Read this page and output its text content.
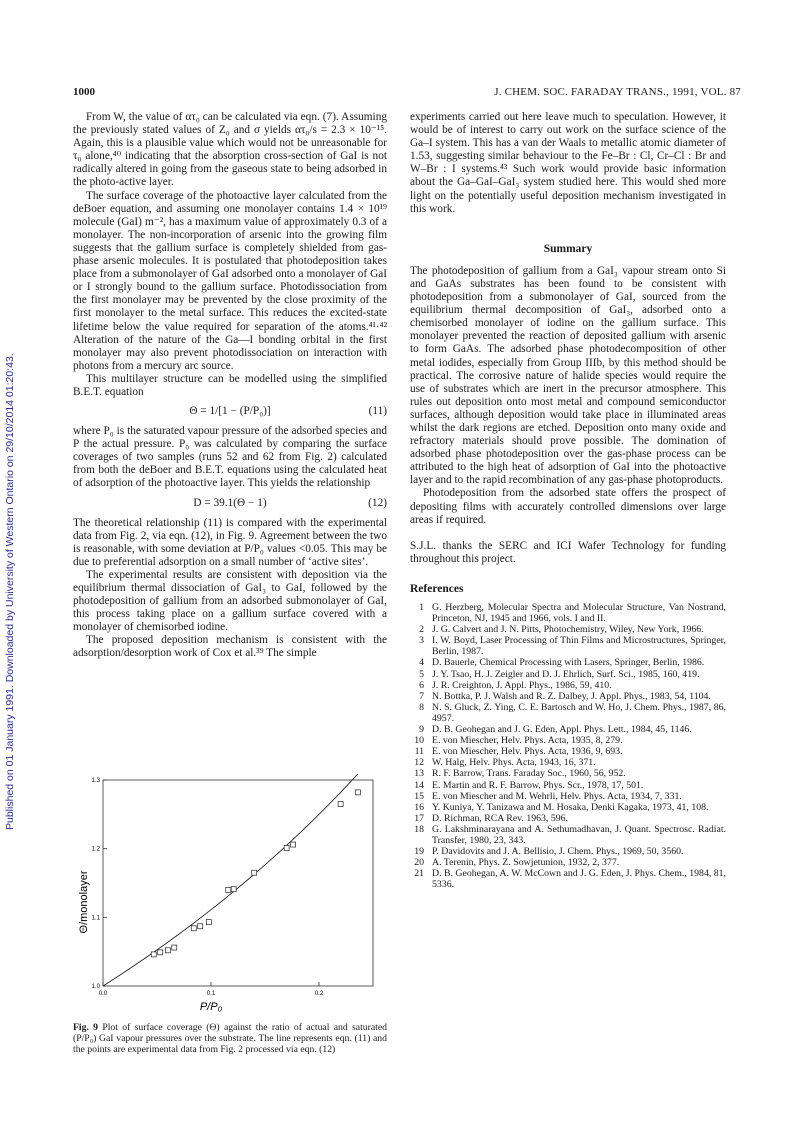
Published on 01 January 1991. Downloaded by University of Western Ontario on 29/10/2014 01:20:43.
1000	J. CHEM. SOC. FARADAY TRANS., 1991, VOL. 87

From W, the value of ατ₀ can be calculated via eqn. (7). Assuming the previously stated values of Z₀ and σ yields ατ₀/s = 2.3 × 10⁻¹⁵. Again, this is a plausible value which would not be unreasonable for τ₀ alone,⁴⁰ indicating that the absorption cross-section of GaI is not radically altered in going from the gaseous state to being adsorbed in the photo-active layer.

The surface coverage of the photoactive layer calculated from the deBoer equation, and assuming one monolayer contains 1.4 × 10¹⁹ molecule (GaI) m⁻², has a maximum value of approximately 0.3 of a monolayer. The non-incorporation of arsenic into the growing film suggests that the gallium surface is completely shielded from gas-phase arsenic molecules. It is postulated that photodeposition takes place from a submonolayer of GaI adsorbed onto a monolayer of GaI or I strongly bound to the gallium surface. Photodissociation from the first monolayer may be prevented by the close proximity of the first monolayer to the metal surface. This reduces the excited-state lifetime below the value required for separation of the atoms.⁴¹·⁴² Alteration of the nature of the Ga—I bonding orbital in the first monolayer may also prevent photodissociation on interaction with photons from a mercury arc source.

This multilayer structure can be modelled using the simplified B.E.T. equation

Θ = 1/[1 − (P/P₀)]	(11)

where P₀ is the saturated vapour pressure of the adsorbed species and P the actual pressure. P₀ was calculated by comparing the surface coverages of two samples (runs 52 and 62 from Fig. 2) calculated from both the deBoer and B.E.T. equations using the calculated heat of adsorption of the photoactive layer. This yields the relationship

D = 39.1(Θ − 1)	(12)

The theoretical relationship (11) is compared with the experimental data from Fig. 2, via eqn. (12), in Fig. 9. Agreement between the two is reasonable, with some deviation at P/P₀ values <0.05. This may be due to preferential adsorption on a small number of ‘active sites’.

The experimental results are consistent with deposition via the equilibrium thermal dissociation of GaI₃ to GaI, followed by the photodeposition of gallium from an adsorbed submonolayer of GaI, this process taking place on a gallium surface covered with a monolayer of chemisorbed iodine.

The proposed deposition mechanism is consistent with the adsorption/desorption work of Cox et al.³⁹ The simple

0.0	0.1	0.2
1.0
1.1
1.2
1.3
Θ/monolayer
P/P₀
Fig. 9 Plot of surface coverage (Θ) against the ratio of actual and saturated (P/P₀) GaI vapour pressures over the substrate. The line represents eqn. (11) and the points are experimental data from Fig. 2 processed via eqn. (12)

experiments carried out here leave much to speculation. However, it would be of interest to carry out work on the surface science of the Ga–I system. This has a van der Waals to metallic atomic diameter of 1.53, suggesting similar behaviour to the Fe–Br : Cl, Cr–Cl : Br and W–Br : I systems.⁴³ Such work would provide basic information about the Ga–GaI–GaI₃ system studied here. This would shed more light on the potentially useful deposition mechanism investigated in this work.

Summary

The photodeposition of gallium from a GaI₃ vapour stream onto Si and GaAs substrates has been found to be consistent with photodeposition from a submonolayer of GaI, sourced from the equilibrium thermal decomposition of GaI₃, adsorbed onto a chemisorbed monolayer of iodine on the gallium surface. This monolayer prevented the reaction of deposited gallium with arsenic to form GaAs. The adsorbed phase photodecomposition of other metal iodides, especially from Group IIIb, by this method should be practical. The corrosive nature of halide species would require the use of substrates which are inert in the precursor atmosphere. This rules out deposition onto most metal and compound semiconductor surfaces, although deposition would take place in illuminated areas whilst the dark regions are etched. Deposition onto many oxide and refractory materials should prove possible. The domination of adsorbed phase photodeposition over the gas-phase process can be attributed to the high heat of adsorption of GaI into the photoactive layer and to the rapid recombination of any gas-phase photoproducts.

Photodeposition from the adsorbed state offers the prospect of depositing films with accurately controlled dimensions over large areas if required.

S.J.L. thanks the SERC and ICI Wafer Technology for funding throughout this project.

References

1 G. Herzberg, Molecular Spectra and Molecular Structure, Van Nostrand, Princeton, NJ, 1945 and 1966, vols. I and II.
2 J. G. Calvert and J. N. Pitts, Photochemistry, Wiley, New York, 1966.
3 I. W. Boyd, Laser Processing of Thin Films and Microstructures, Springer, Berlin, 1987.
4 D. Bauerle, Chemical Processing with Lasers, Springer, Berlin, 1986.
5 J. Y. Tsao, H. J. Zeigler and D. J. Ehrlich, Surf. Sci., 1985, 160, 419.
6 J. R. Creighton, J. Appl. Phys., 1986, 59, 410.
7 N. Bottka, P. J. Walsh and R. Z. Dalbey, J. Appl. Phys., 1983, 54, 1104.
8 N. S. Gluck, Z. Ying, C. E. Bartosch and W. Ho, J. Chem. Phys., 1987, 86, 4957.
9 D. B. Geohegan and J. G. Eden, Appl. Phys. Lett., 1984, 45, 1146.
10 E. von Miescher, Helv. Phys. Acta, 1935, 8, 279.
11 E. von Miescher, Helv. Phys. Acta, 1936, 9, 693.
12 W. Halg, Helv. Phys. Acta, 1943, 16, 371.
13 R. F. Barrow, Trans. Faraday Soc., 1960, 56, 952.
14 E. Martin and R. F. Barrow, Phys. Scr., 1978, 17, 501.
15 E. von Miescher and M. Wehrli, Helv. Phys. Acta, 1934, 7, 331.
16 Y. Kuniya, Y. Tanizawa and M. Hosaka, Denki Kagaka, 1973, 41, 108.
17 D. Richman, RCA Rev. 1963, 596.
18 G. Lakshminarayana and A. Sethumadhavan, J. Quant. Spectrosc. Radiat. Transfer, 1980, 23, 343.
19 P. Davidovits and J. A. Bellisio, J. Chem. Phys., 1969, 50, 3560.
20 A. Terenin, Phys. Z. Sowjetunion, 1932, 2, 377.
21 D. B. Geohegan, A. W. McCown and J. G. Eden, J. Phys. Chem., 1984, 81, 5336.
